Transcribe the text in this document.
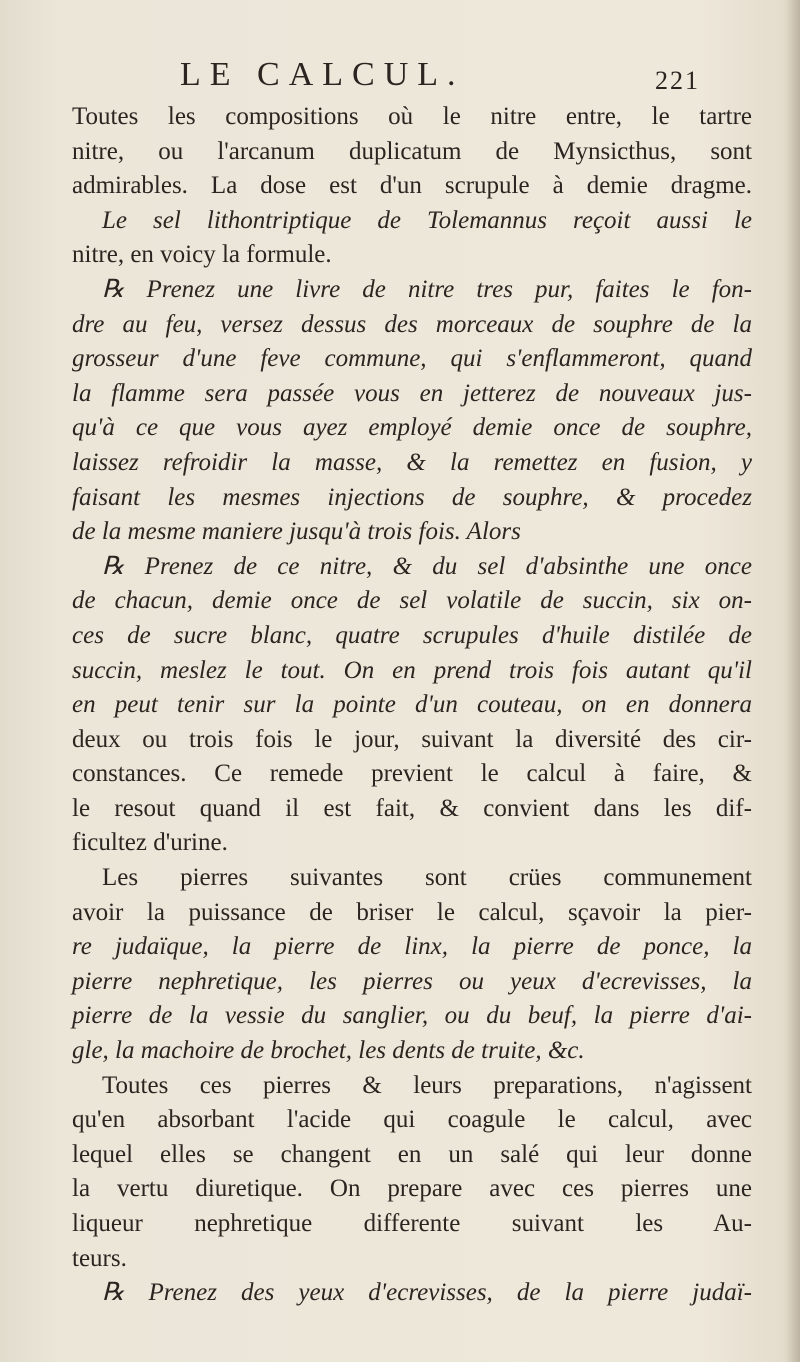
LE CALCUL.	221
Toutes les compositions où le nitre entre, le tartre
nitre, ou l'arcanum duplicatum de Mynsicthus, sont
admirables. La dose est d'un scrupule à demie dragme.
Le sel lithontriptique de Tolemannus reçoit aussi le
nitre, en voicy la formule.
℞ Prenez une livre de nitre tres pur, faites le fon-
dre au feu, versez dessus des morceaux de souphre de la
grosseur d'une feve commune, qui s'enflammeront, quand
la flamme sera passée vous en jetterez de nouveaux jus-
qu'à ce que vous ayez employé demie once de souphre,
laissez refroidir la masse, & la remettez en fusion, y
faisant les mesmes injections de souphre, & procedez
de la mesme maniere jusqu'à trois fois. Alors
℞ Prenez de ce nitre, & du sel d'absinthe une once
de chacun, demie once de sel volatile de succin, six on-
ces de sucre blanc, quatre scrupules d'huile distilée de
succin, meslez le tout. On en prend trois fois autant qu'il
en peut tenir sur la pointe d'un couteau, on en donnera
deux ou trois fois le jour, suivant la diversité des cir-
constances. Ce remede previent le calcul à faire, &
le resout quand il est fait, & convient dans les dif-
ficultez d'urine.
Les pierres suivantes sont crües communement
avoir la puissance de briser le calcul, sçavoir la pier-
re judaïque, la pierre de linx, la pierre de ponce, la
pierre nephretique, les pierres ou yeux d'ecrevisses, la
pierre de la vessie du sanglier, ou du beuf, la pierre d'ai-
gle, la machoire de brochet, les dents de truite, &c.
Toutes ces pierres & leurs preparations, n'agissent
qu'en absorbant l'acide qui coagule le calcul, avec
lequel elles se changent en un salé qui leur donne
la vertu diuretique. On prepare avec ces pierres une
liqueur nephretique differente suivant les Au-
teurs.
℞ Prenez des yeux d'ecrevisses, de la pierre judaï-
